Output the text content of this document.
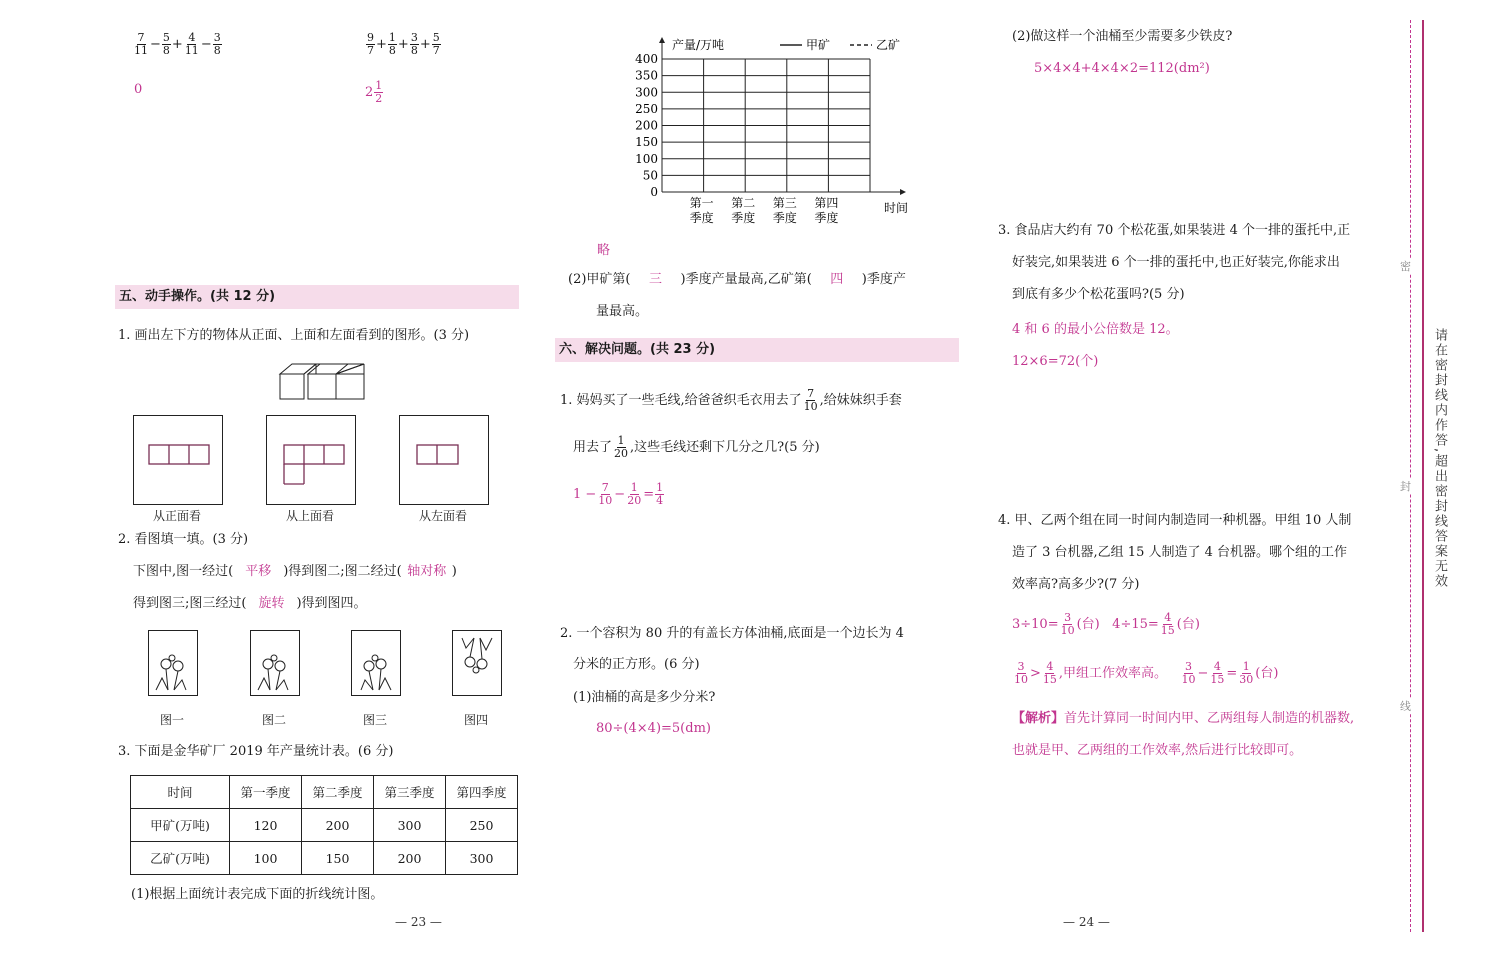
$\frac{7}{11} - \frac{5}{8} + \frac{4}{11} - \frac{3}{8}$
0
$\frac{9}{7} + \frac{1}{8} + \frac{3}{8} + \frac{5}{7}$
$2 \frac{1}{2}$
五、动手操作。(共 12 分)
1. 画出左下方的物体从正面、上面和左面看到的图形。(3 分)
从正面看	从上面看	从左面看
2. 看图填一填。(3 分)
下图中,图一经过( 平移 )得到图二;图二经过( 轴对称 )
得到图三;图三经过( 旋转 )得到图四。
图一	图二	图三	图四
3. 下面是金华矿厂 2019 年产量统计表。(6 分)
时间	第一季度	第二季度	第三季度	第四季度
甲矿(万吨)	120	200	300	250
乙矿(万吨)	100	150	200	300
(1)根据上面统计表完成下面的折线统计图。
— 23 —
0
50
100
150
200
250
300
350
400
第一
季度
第二
季度
第三
季度
第四
季度
产量/万吨
时间
甲矿	乙矿
略
(2)甲矿第( 三 )季度产量最高,乙矿第( 四 )季度产
量最高。
六、解决问题。(共 23 分)
1. 妈妈买了一些毛线,给爸爸织毛衣用去了 $\frac{7}{10}$ ,给妹妹织手套
用去了 $\frac{1}{20}$ ,这些毛线还剩下几分之几?(5 分)
$1 - \frac{7}{10} - \frac{1}{20} = \frac{1}{4}$
2. 一个容积为 80 升的有盖长方体油桶,底面是一个边长为 4
分米的正方形。(6 分)
(1)油桶的高是多少分米?
80÷(4×4)=5(dm)
— 24 —
(2)做这样一个油桶至少需要多少铁皮?
5×4×4+4×4×2=112(dm²)
3. 食品店大约有 70 个松花蛋,如果装进 4 个一排的蛋托中,正
好装完,如果装进 6 个一排的蛋托中,也正好装完,你能求出
到底有多少个松花蛋吗?(5 分)
4 和 6 的最小公倍数是 12。
12×6=72(个)
4. 甲、乙两个组在同一时间内制造同一种机器。甲组 10 人制
造了 3 台机器,乙组 15 人制造了 4 台机器。哪个组的工作
效率高?高多少?(7 分)
$3\div 10= \frac{3}{10}$ (台) $4\div 15= \frac{4}{15}$ (台)
$\frac{3}{10} > \frac{4}{15}$ ,甲组工作效率高。 $\frac{3}{10} - \frac{4}{15} = \frac{1}{30}$ (台)
【解析】首先计算同一时间内甲、乙两组每人制造的机器数,
也就是甲、乙两组的工作效率,然后进行比较即可。
密
封
线
请在密封线内作答,超出密封线答案无效
